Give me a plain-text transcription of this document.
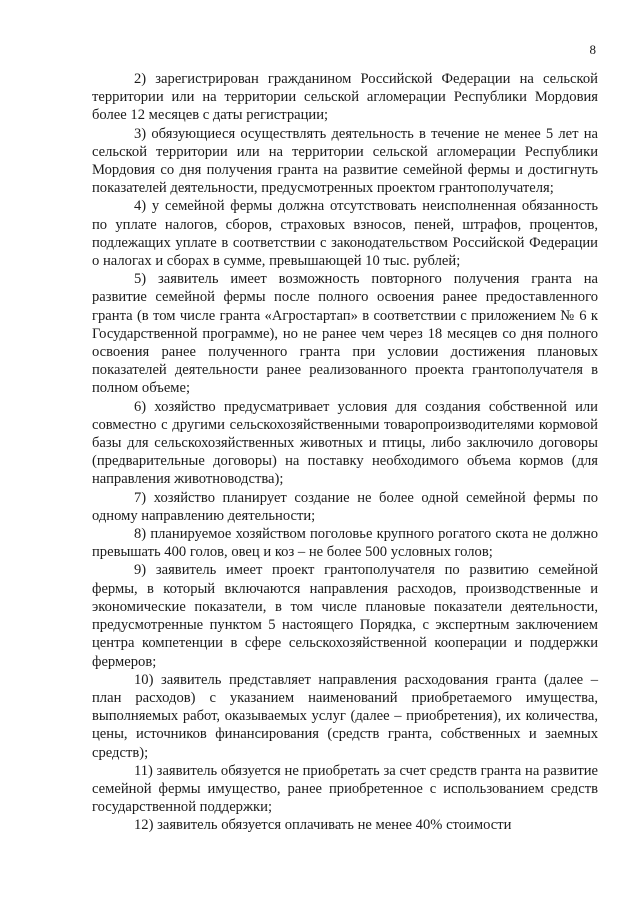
8

2) зарегистрирован гражданином Российской Федерации на сельской территории или на территории сельской агломерации Республики Мордовия более 12 месяцев с даты регистрации;

3) обязующиеся осуществлять деятельность в течение не менее 5 лет на сельской территории или на территории сельской агломерации Республики Мордовия со дня получения гранта на развитие семейной фермы и достигнуть показателей деятельности, предусмотренных проектом грантополучателя;

4) у семейной фермы должна отсутствовать неисполненная обязанность по уплате налогов, сборов, страховых взносов, пеней, штрафов, процентов, подлежащих уплате в соответствии с законодательством Российской Федерации о налогах и сборах в сумме, превышающей 10 тыс. рублей;

5) заявитель имеет возможность повторного получения гранта на развитие семейной фермы после полного освоения ранее предоставленного гранта (в том числе гранта «Агростартап» в соответствии с приложением № 6 к Государственной программе), но не ранее чем через 18 месяцев со дня полного освоения ранее полученного гранта при условии достижения плановых показателей деятельности ранее реализованного проекта грантополучателя в полном объеме;

6) хозяйство предусматривает условия для создания собственной или совместно с другими сельскохозяйственными товаропроизводителями кормовой базы для сельскохозяйственных животных и птицы, либо заключило договоры (предварительные договоры) на поставку необходимого объема кормов (для направления животноводства);

7) хозяйство планирует создание не более одной семейной фермы по одному направлению деятельности;

8) планируемое хозяйством поголовье крупного рогатого скота не должно превышать 400 голов, овец и коз – не более 500 условных голов;

9) заявитель имеет проект грантополучателя по развитию семейной фермы, в который включаются направления расходов, производственные и экономические показатели, в том числе плановые показатели деятельности, предусмотренные пунктом 5 настоящего Порядка, с экспертным заключением центра компетенции в сфере сельскохозяйственной кооперации и поддержки фермеров;

10) заявитель представляет направления расходования гранта (далее – план расходов) с указанием наименований приобретаемого имущества, выполняемых работ, оказываемых услуг (далее – приобретения), их количества, цены, источников финансирования (средств гранта, собственных и заемных средств);

11) заявитель обязуется не приобретать за счет средств гранта на развитие семейной фермы имущество, ранее приобретенное с использованием средств государственной поддержки;

12) заявитель обязуется оплачивать не менее 40% стоимости
